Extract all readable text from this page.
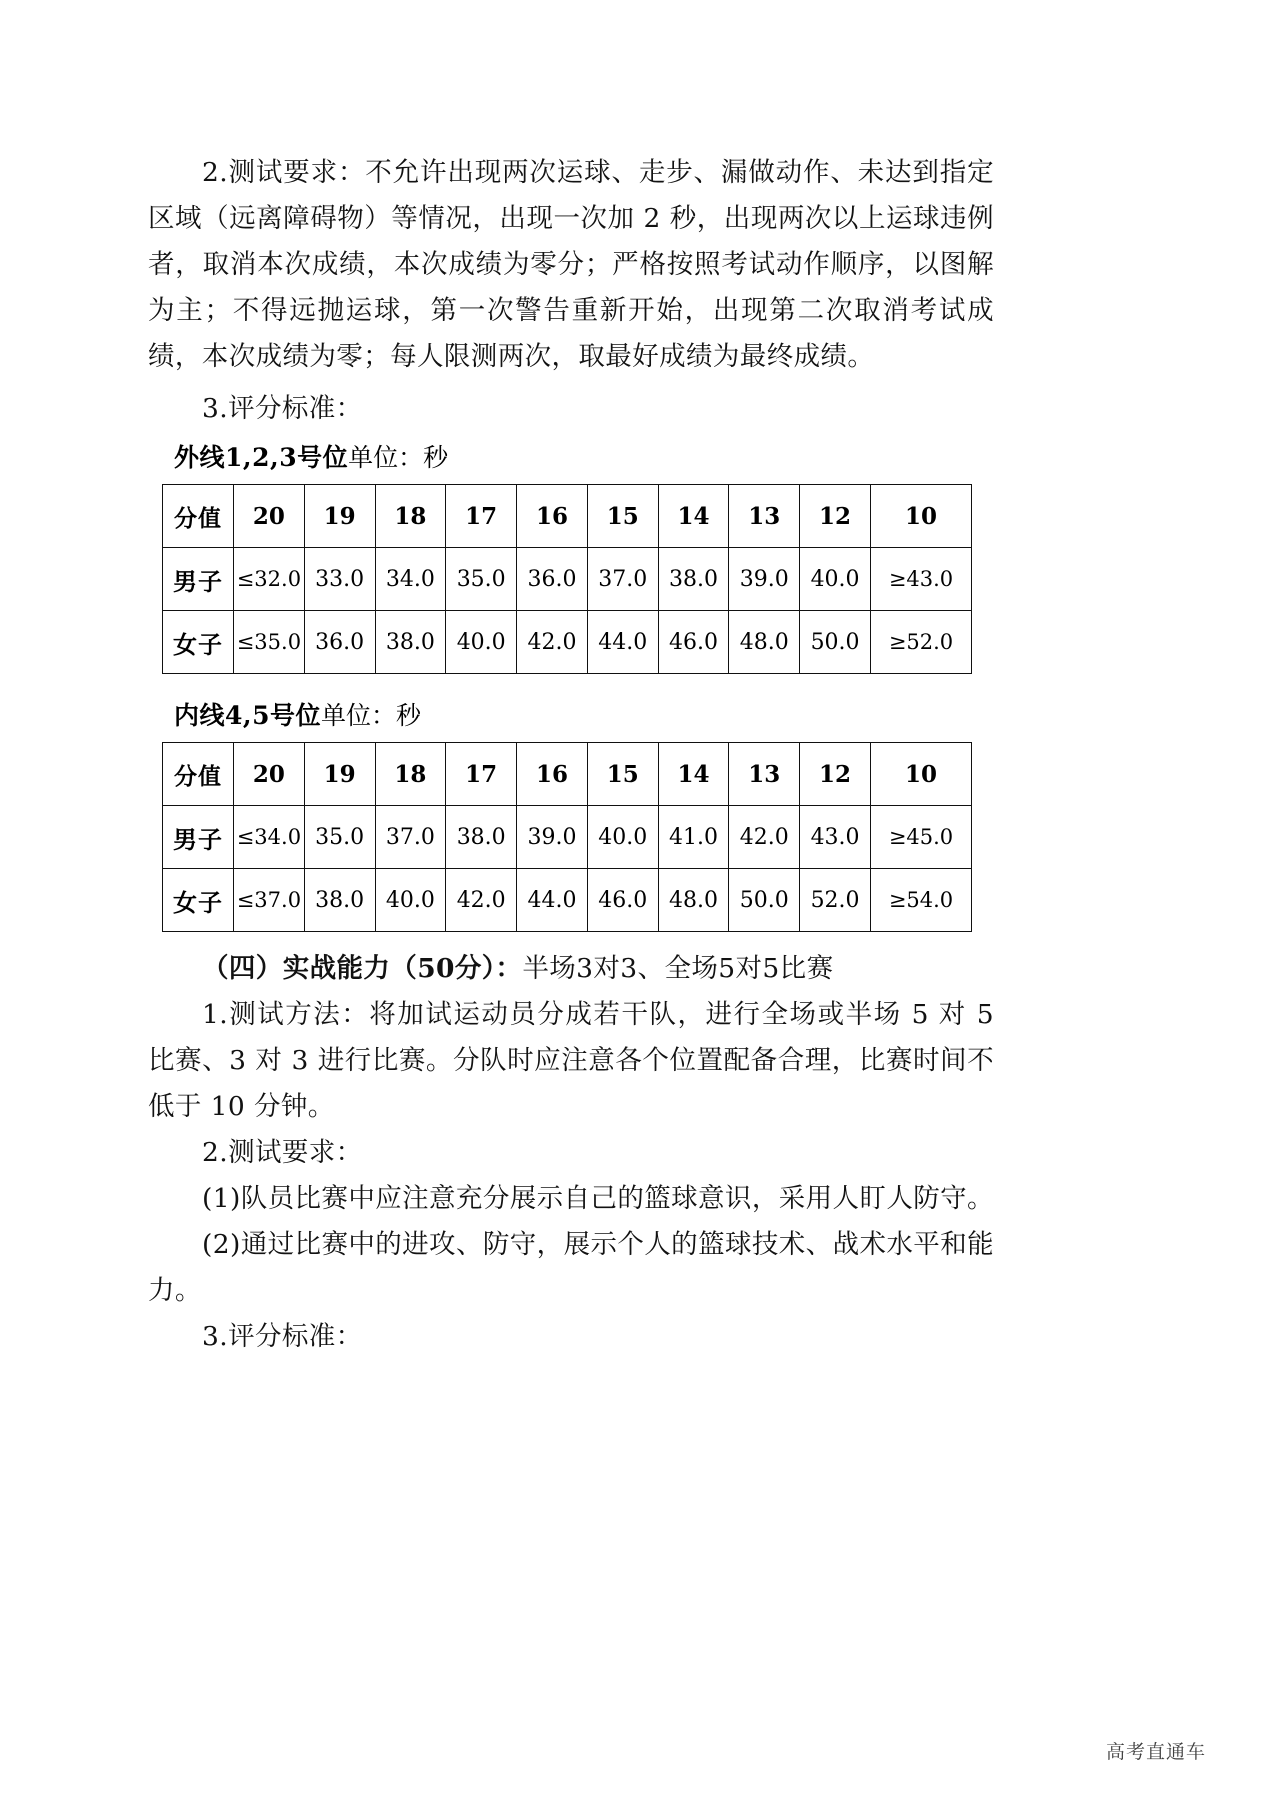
2.测试要求：不允许出现两次运球、走步、漏做动作、未达到指定区域（远离障碍物）等情况，出现一次加 2 秒，出现两次以上运球违例者，取消本次成绩，本次成绩为零分；严格按照考试动作顺序，以图解为主；不得远抛运球，第一次警告重新开始，出现第二次取消考试成绩，本次成绩为零；每人限测两次，取最好成绩为最终成绩。

3.评分标准：

外线1,2,3号位单位：秒

分值	20	19	18	17	16	15	14	13	12	10
男子	≤32.0	33.0	34.0	35.0	36.0	37.0	38.0	39.0	40.0	≥43.0
女子	≤35.0	36.0	38.0	40.0	42.0	44.0	46.0	48.0	50.0	≥52.0

内线4,5号位单位：秒

分值	20	19	18	17	16	15	14	13	12	10
男子	≤34.0	35.0	37.0	38.0	39.0	40.0	41.0	42.0	43.0	≥45.0
女子	≤37.0	38.0	40.0	42.0	44.0	46.0	48.0	50.0	52.0	≥54.0

（四）实战能力（50分）：半场3对3、全场5对5比赛

1.测试方法：将加试运动员分成若干队，进行全场或半场 5 对 5 比赛、3 对 3 进行比赛。分队时应注意各个位置配备合理，比赛时间不低于 10 分钟。

2.测试要求：

(1)队员比赛中应注意充分展示自己的篮球意识，采用人盯人防守。

(2)通过比赛中的进攻、防守，展示个人的篮球技术、战术水平和能力。

3.评分标准：

高考直通车
